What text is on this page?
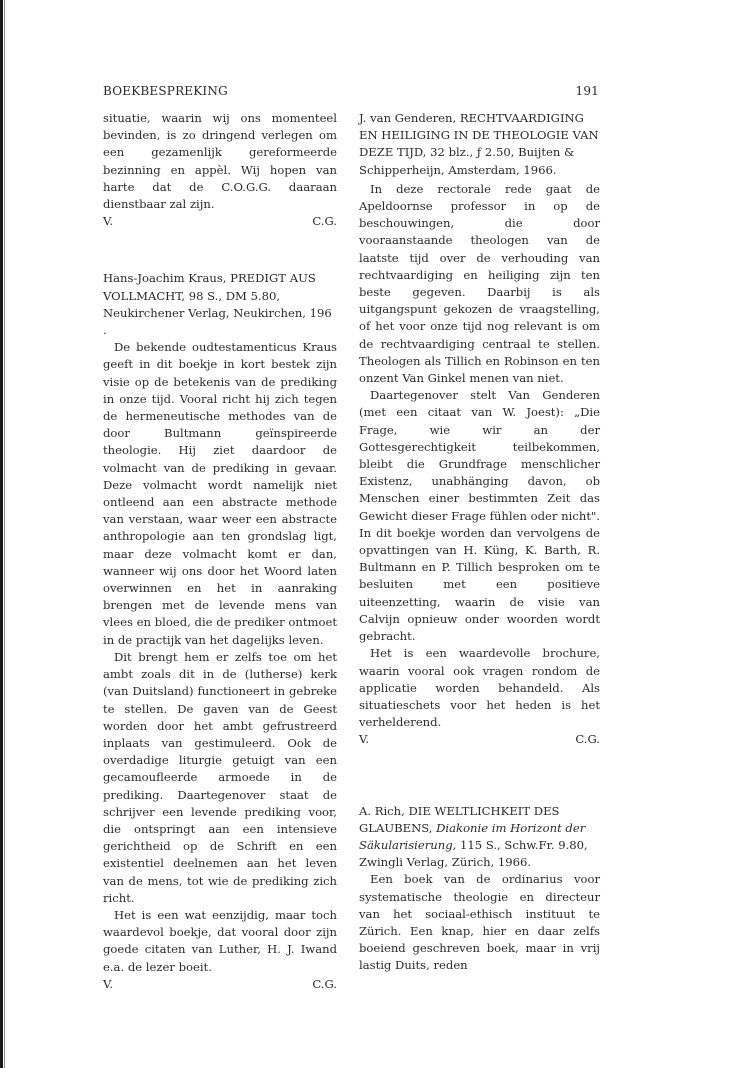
BOEKBESPREKING	191

situatie, waarin wij ons momenteel bevinden, is zo dringend verlegen om een gezamenlijk gereformeerde bezinning en appèl. Wij hopen van harte dat de C.O.G.G. daaraan dienstbaar zal zijn.

V.	C.G.

Hans-Joachim Kraus, PREDIGT AUS VOLLMACHT, 98 S., DM 5.80, Neukirchener Verlag, Neukirchen, 196 .

De bekende oudtestamenticus Kraus geeft in dit boekje in kort bestek zijn visie op de betekenis van de prediking in onze tijd. Vooral richt hij zich tegen de hermeneutische methodes van de door Bultmann geïnspireerde theologie. Hij ziet daardoor de volmacht van de prediking in gevaar. Deze volmacht wordt namelijk niet ontleend aan een abstracte methode van verstaan, waar weer een abstracte anthropologie aan ten grondslag ligt, maar deze volmacht komt er dan, wanneer wij ons door het Woord laten overwinnen en het in aanraking brengen met de levende mens van vlees en bloed, die de prediker ontmoet in de practijk van het dagelijks leven.

Dit brengt hem er zelfs toe om het ambt zoals dit in de (lutherse) kerk (van Duitsland) functioneert in gebreke te stellen. De gaven van de Geest worden door het ambt gefrustreerd inplaats van gestimuleerd. Ook de overdadige liturgie getuigt van een gecamoufleerde armoede in de prediking. Daartegenover staat de schrijver een levende prediking voor, die ontspringt aan een intensieve gerichtheid op de Schrift en een existentiel deelnemen aan het leven van de mens, tot wie de prediking zich richt.

Het is een wat eenzijdig, maar toch waardevol boekje, dat vooral door zijn goede citaten van Luther, H. J. Iwand e.a. de lezer boeit.

V.	C.G.

J. van Genderen, RECHTVAARDIGING EN HEILIGING IN DE THEOLOGIE VAN DEZE TIJD, 32 blz., ƒ 2.50, Buijten & Schipperheijn, Amsterdam, 1966.

In deze rectorale rede gaat de Apeldoornse professor in op de beschouwingen, die door vooraanstaande theologen van de laatste tijd over de verhouding van rechtvaardiging en heiliging zijn ten beste gegeven. Daarbij is als uitgangspunt gekozen de vraagstelling, of het voor onze tijd nog relevant is om de rechtvaardiging centraal te stellen. Theologen als Tillich en Robinson en ten onzent Van Ginkel menen van niet.

Daartegenover stelt Van Genderen (met een citaat van W. Joest): „Die Frage, wie wir an der Gottesgerechtigkeit teilbekommen, bleibt die Grundfrage menschlicher Existenz, unabhänging davon, ob Menschen einer bestimmten Zeit das Gewicht dieser Frage fühlen oder nicht". In dit boekje worden dan vervolgens de opvattingen van H. Küng, K. Barth, R. Bultmann en P. Tillich besproken om te besluiten met een positieve uiteenzetting, waarin de visie van Calvijn opnieuw onder woorden wordt gebracht.

Het is een waardevolle brochure, waarin vooral ook vragen rondom de applicatie worden behandeld. Als situatieschets voor het heden is het verhelderend.

V.	C.G.

A. Rich, DIE WELTLICHKEIT DES GLAUBENS, Diakonie im Horizont der Säkularisierung, 115 S., Schw.Fr. 9.80, Zwingli Verlag, Zürich, 1966.

Een boek van de ordinarius voor systematische theologie en directeur van het sociaal-ethisch instituut te Zürich. Een knap, hier en daar zelfs boeiend geschreven boek, maar in vrij lastig Duits, reden
